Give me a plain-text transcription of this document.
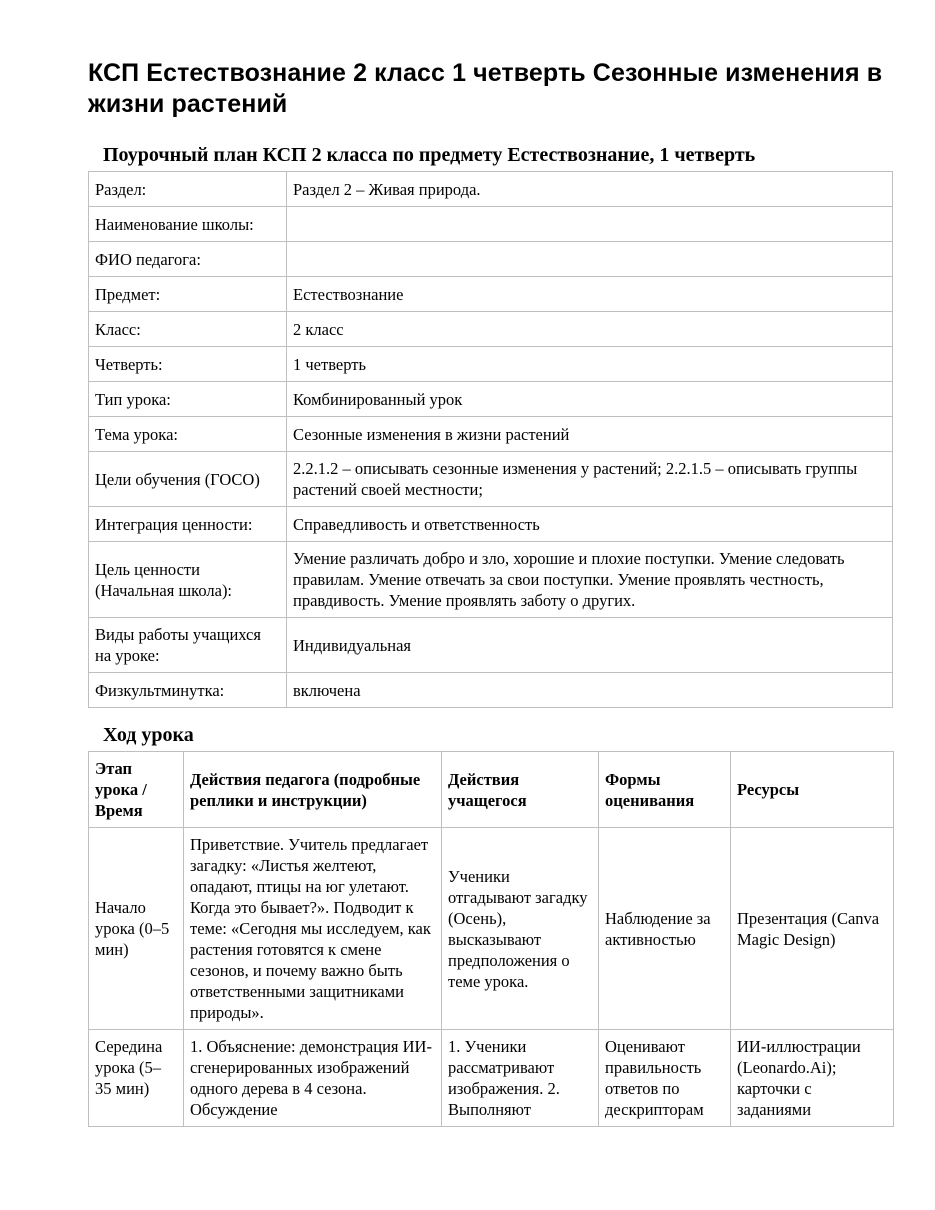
КСП Естествознание 2 класс 1 четверть Сезонные изменения в жизни растений
Поурочный план КСП 2 класса по предмету Естествознание, 1 четверть
Раздел:	Раздел 2 – Живая природа.
Наименование школы:	
ФИО педагога:	
Предмет:	Естествознание
Класс:	2 класс
Четверть:	1 четверть
Тип урока:	Комбинированный урок
Тема урока:	Сезонные изменения в жизни растений
Цели обучения (ГОСО)	2.2.1.2 – описывать сезонные изменения у растений; 2.2.1.5 – описывать группы растений своей местности;
Интеграция ценности:	Справедливость и ответственность
Цель ценности (Начальная школа):	Умение различать добро и зло, хорошие и плохие поступки. Умение следовать правилам. Умение отвечать за свои поступки. Умение проявлять честность, правдивость. Умение проявлять заботу о других.
Виды работы учащихся на уроке:	Индивидуальная
Физкультминутка:	включена
Ход урока
Этап урока / Время	Действия педагога (подробные реплики и инструкции)	Действия учащегося	Формы оценивания	Ресурсы
Начало урока (0–5 мин)	Приветствие. Учитель предлагает загадку: «Листья желтеют, опадают, птицы на юг улетают. Когда это бывает?». Подводит к теме: «Сегодня мы исследуем, как растения готовятся к смене сезонов, и почему важно быть ответственными защитниками природы».	Ученики отгадывают загадку (Осень), высказывают предположения о теме урока.	Наблюдение за активностью	Презентация (Canva Magic Design)
Середина урока (5–35 мин)	1. Объяснение: демонстрация ИИ-сгенерированных изображений одного дерева в 4 сезона. Обсуждение	1. Ученики рассматривают изображения. 2. Выполняют	Оценивают правильность ответов по дескрипторам	ИИ-иллюстрации (Leonardo.Ai); карточки с заданиями
